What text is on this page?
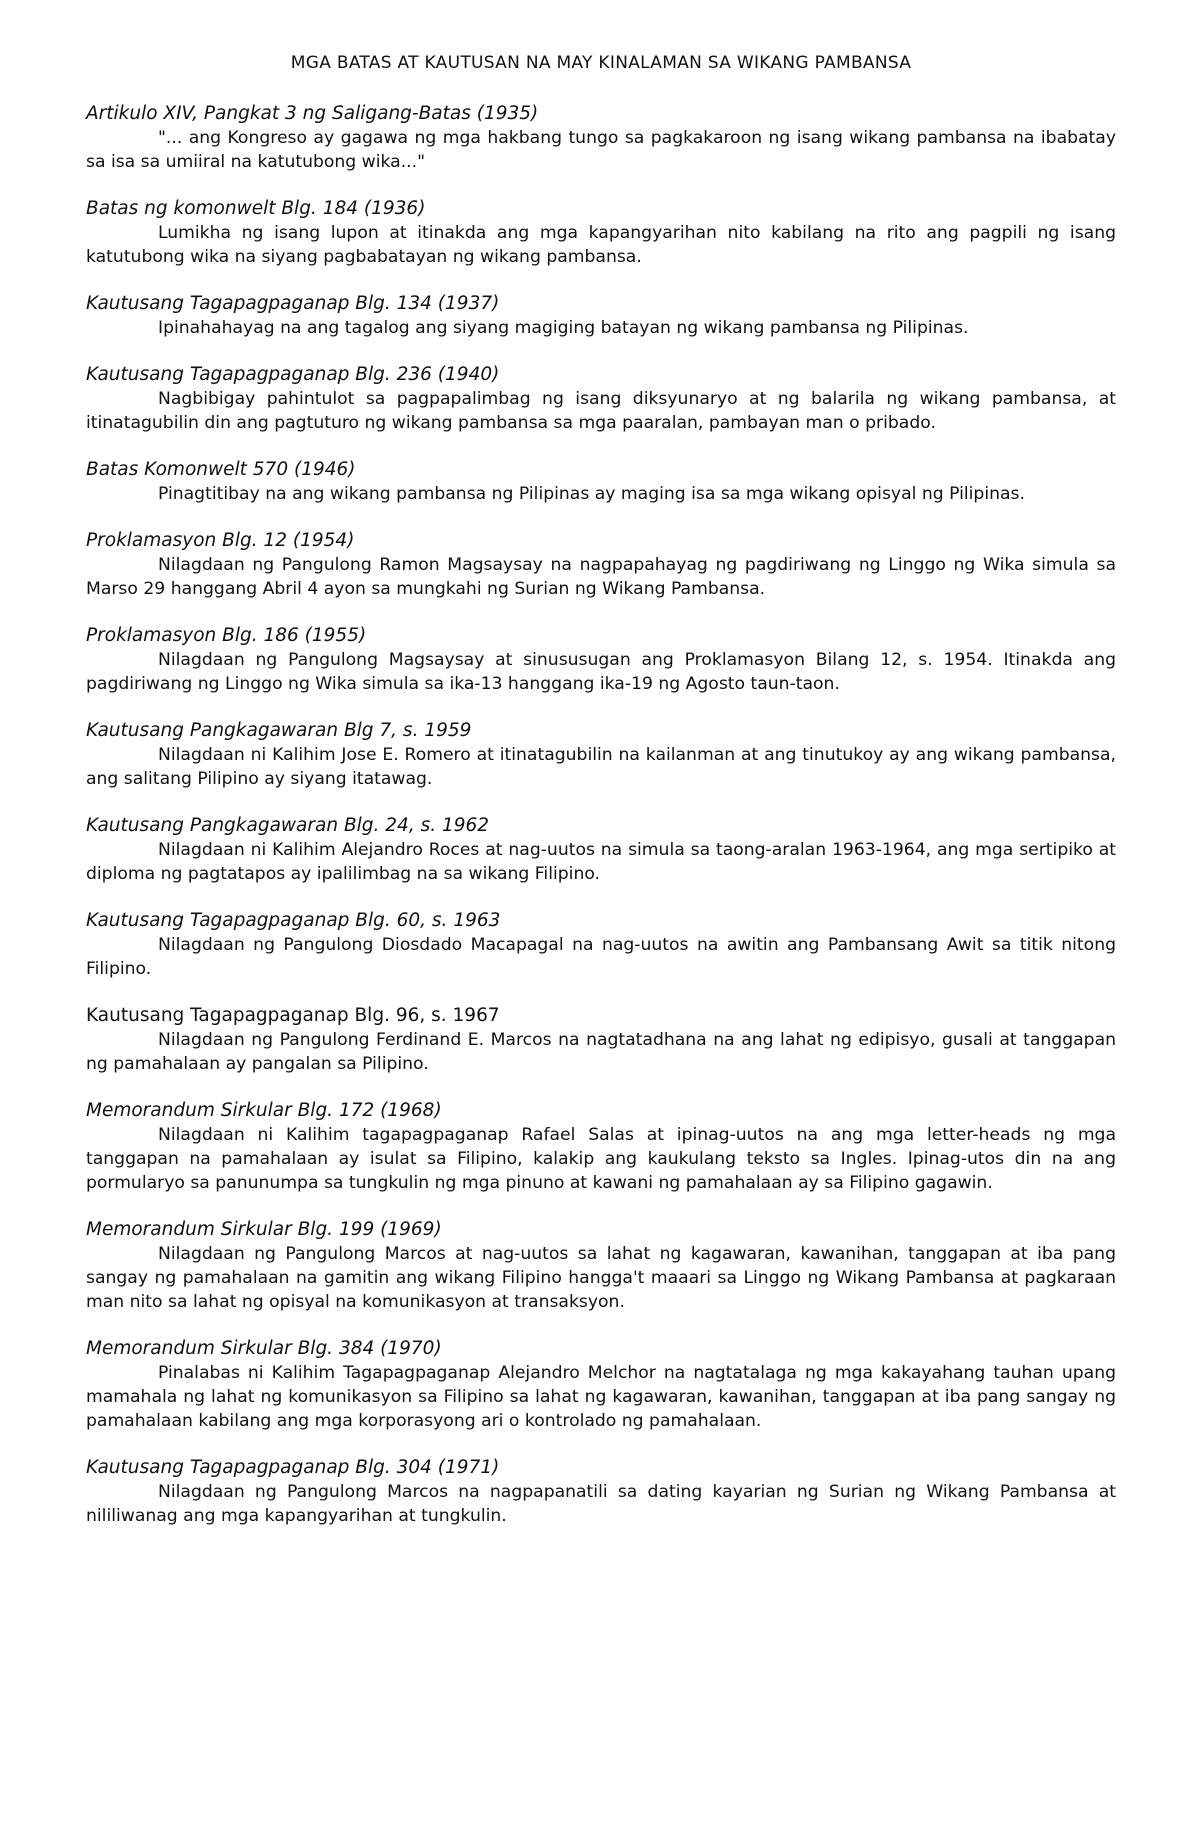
MGA BATAS AT KAUTUSAN NA MAY KINALAMAN SA WIKANG PAMBANSA

Artikulo XIV, Pangkat 3 ng Saligang-Batas (1935)

"... ang Kongreso ay gagawa ng mga hakbang tungo sa pagkakaroon ng isang wikang pambansa na ibabatay sa isa sa umiiral na katutubong wika..."

Batas ng komonwelt Blg. 184 (1936)

Lumikha ng isang lupon at itinakda ang mga kapangyarihan nito kabilang na rito ang pagpili ng isang katutubong wika na siyang pagbabatayan ng wikang pambansa.

Kautusang Tagapagpaganap Blg. 134 (1937)

Ipinahahayag na ang tagalog ang siyang magiging batayan ng wikang pambansa ng Pilipinas.

Kautusang Tagapagpaganap Blg. 236 (1940)

Nagbibigay pahintulot sa pagpapalimbag ng isang diksyunaryo at ng balarila ng wikang pambansa, at itinatagubilin din ang pagtuturo ng wikang pambansa sa mga paaralan, pambayan man o pribado.

Batas Komonwelt 570 (1946)

Pinagtitibay na ang wikang pambansa ng Pilipinas ay maging isa sa mga wikang opisyal ng Pilipinas.

Proklamasyon Blg. 12 (1954)

Nilagdaan ng Pangulong Ramon Magsaysay na nagpapahayag ng pagdiriwang ng Linggo ng Wika simula sa Marso 29 hanggang Abril 4 ayon sa mungkahi ng Surian ng Wikang Pambansa.

Proklamasyon Blg. 186 (1955)

Nilagdaan ng Pangulong Magsaysay at sinususugan ang Proklamasyon Bilang 12, s. 1954. Itinakda ang pagdiriwang ng Linggo ng Wika simula sa ika-13 hanggang ika-19 ng Agosto taun-taon.

Kautusang Pangkagawaran Blg 7, s. 1959

Nilagdaan ni Kalihim Jose E. Romero at itinatagubilin na kailanman at ang tinutukoy ay ang wikang pambansa, ang salitang Pilipino ay siyang itatawag.

Kautusang Pangkagawaran Blg. 24, s. 1962

Nilagdaan ni Kalihim Alejandro Roces at nag-uutos na simula sa taong-aralan 1963-1964, ang mga sertipiko at diploma ng pagtatapos ay ipalilimbag na sa wikang Filipino.

Kautusang Tagapagpaganap Blg. 60, s. 1963

Nilagdaan ng Pangulong Diosdado Macapagal na nag-uutos na awitin ang Pambansang Awit sa titik nitong Filipino.

Kautusang Tagapagpaganap Blg. 96, s. 1967

Nilagdaan ng Pangulong Ferdinand E. Marcos na nagtatadhana na ang lahat ng edipisyo, gusali at tanggapan ng pamahalaan ay pangalan sa Pilipino.

Memorandum Sirkular Blg. 172 (1968)

Nilagdaan ni Kalihim tagapagpaganap Rafael Salas at ipinag-uutos na ang mga letter-heads ng mga tanggapan na pamahalaan ay isulat sa Filipino, kalakip ang kaukulang teksto sa Ingles. Ipinag-utos din na ang pormularyo sa panunumpa sa tungkulin ng mga pinuno at kawani ng pamahalaan ay sa Filipino gagawin.

Memorandum Sirkular Blg. 199 (1969)

Nilagdaan ng Pangulong Marcos at nag-uutos sa lahat ng kagawaran, kawanihan, tanggapan at iba pang sangay ng pamahalaan na gamitin ang wikang Filipino hangga't maaari sa Linggo ng Wikang Pambansa at pagkaraan man nito sa lahat ng opisyal na komunikasyon at transaksyon.

Memorandum Sirkular Blg. 384 (1970)

Pinalabas ni Kalihim Tagapagpaganap Alejandro Melchor na nagtatalaga ng mga kakayahang tauhan upang mamahala ng lahat ng komunikasyon sa Filipino sa lahat ng kagawaran, kawanihan, tanggapan at iba pang sangay ng pamahalaan kabilang ang mga korporasyong ari o kontrolado ng pamahalaan.

Kautusang Tagapagpaganap Blg. 304 (1971)

Nilagdaan ng Pangulong Marcos na nagpapanatili sa dating kayarian ng Surian ng Wikang Pambansa at nililiwanag ang mga kapangyarihan at tungkulin.
